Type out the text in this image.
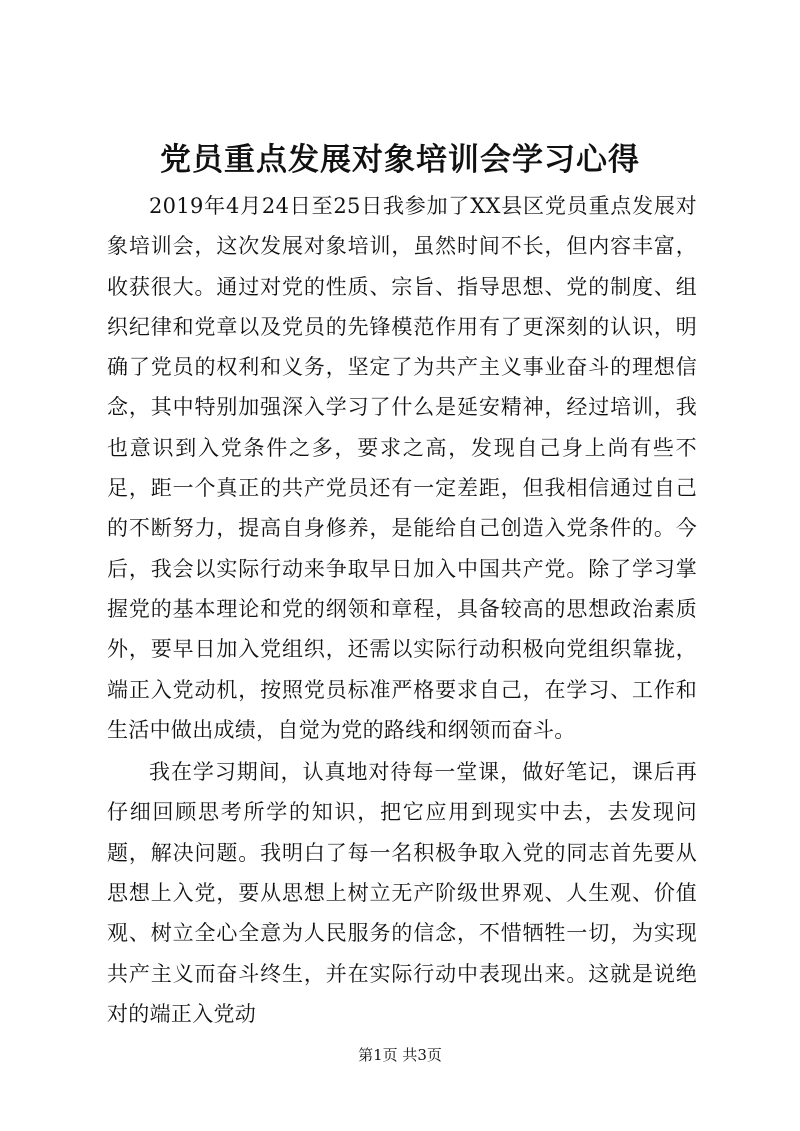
党员重点发展对象培训会学习心得

2019年4月24日至25日我参加了XX县区党员重点发展对象培训会，这次发展对象培训，虽然时间不长，但内容丰富，收获很大。通过对党的性质、宗旨、指导思想、党的制度、组织纪律和党章以及党员的先锋模范作用有了更深刻的认识，明确了党员的权利和义务，坚定了为共产主义事业奋斗的理想信念，其中特别加强深入学习了什么是延安精神，经过培训，我也意识到入党条件之多，要求之高，发现自己身上尚有些不足，距一个真正的共产党员还有一定差距，但我相信通过自己的不断努力，提高自身修养，是能给自己创造入党条件的。今后，我会以实际行动来争取早日加入中国共产党。除了学习掌握党的基本理论和党的纲领和章程，具备较高的思想政治素质外，要早日加入党组织，还需以实际行动积极向党组织靠拢，端正入党动机，按照党员标准严格要求自己，在学习、工作和生活中做出成绩，自觉为党的路线和纲领而奋斗。

我在学习期间，认真地对待每一堂课，做好笔记，课后再仔细回顾思考所学的知识，把它应用到现实中去，去发现问题，解决问题。我明白了每一名积极争取入党的同志首先要从思想上入党，要从思想上树立无产阶级世界观、人生观、价值观、树立全心全意为人民服务的信念，不惜牺牲一切，为实现共产主义而奋斗终生，并在实际行动中表现出来。这就是说绝对的端正入党动

第1页 共3页
